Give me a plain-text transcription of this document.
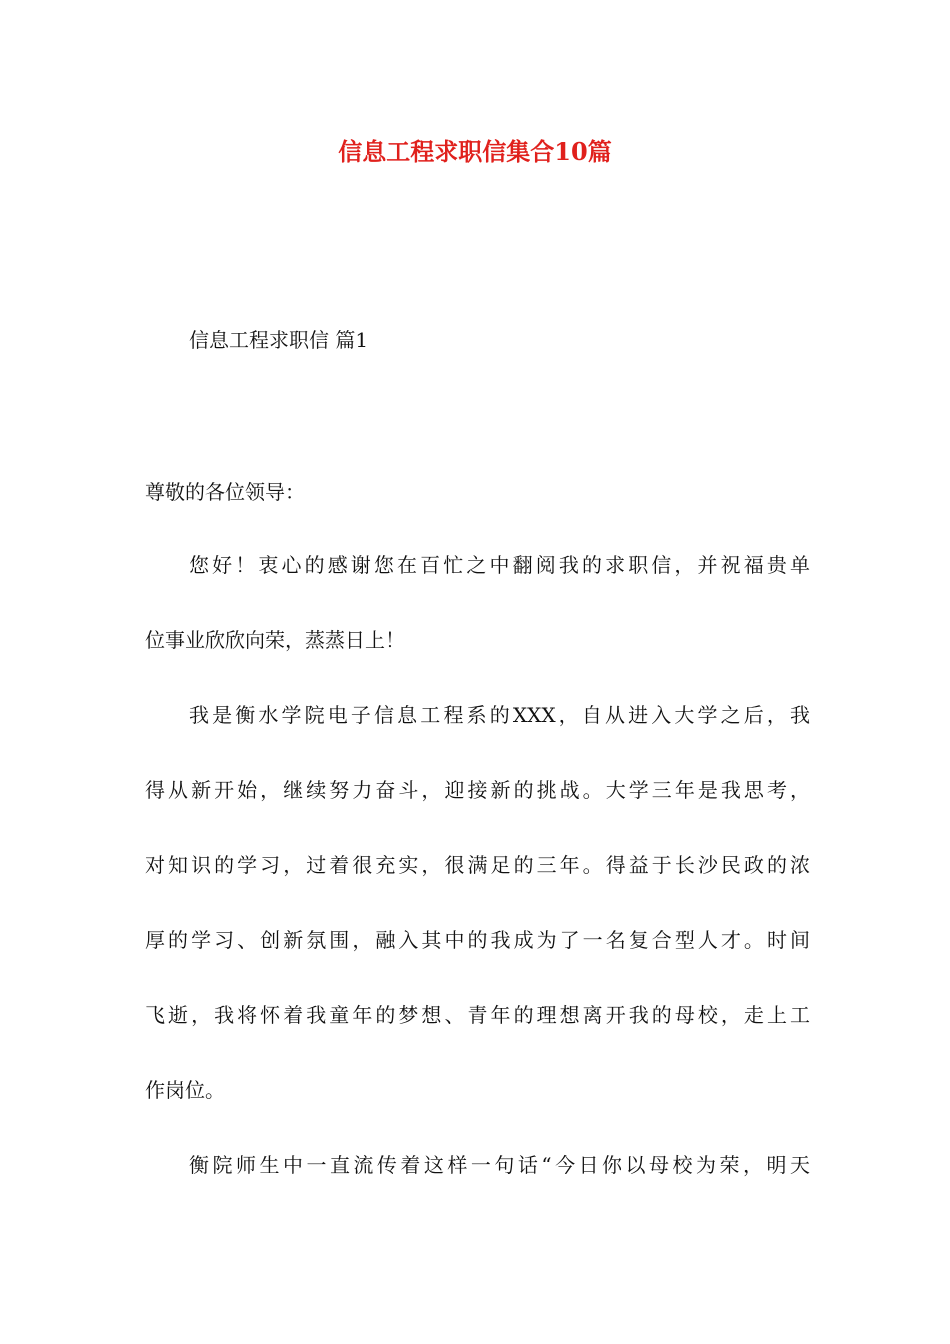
信息工程求职信集合10篇

信息工程求职信 篇1

尊敬的各位领导：

您好！衷心的感谢您在百忙之中翻阅我的求职信，并祝福贵单

位事业欣欣向荣，蒸蒸日上！

我是衡水学院电子信息工程系的XXX，自从进入大学之后，我

得从新开始，继续努力奋斗，迎接新的挑战。大学三年是我思考，

对知识的学习，过着很充实，很满足的三年。得益于长沙民政的浓

厚的学习、创新氛围，融入其中的我成为了一名复合型人才。时间

飞逝，我将怀着我童年的梦想、青年的理想离开我的母校，走上工

作岗位。

衡院师生中一直流传着这样一句话“今日你以母校为荣，明天
